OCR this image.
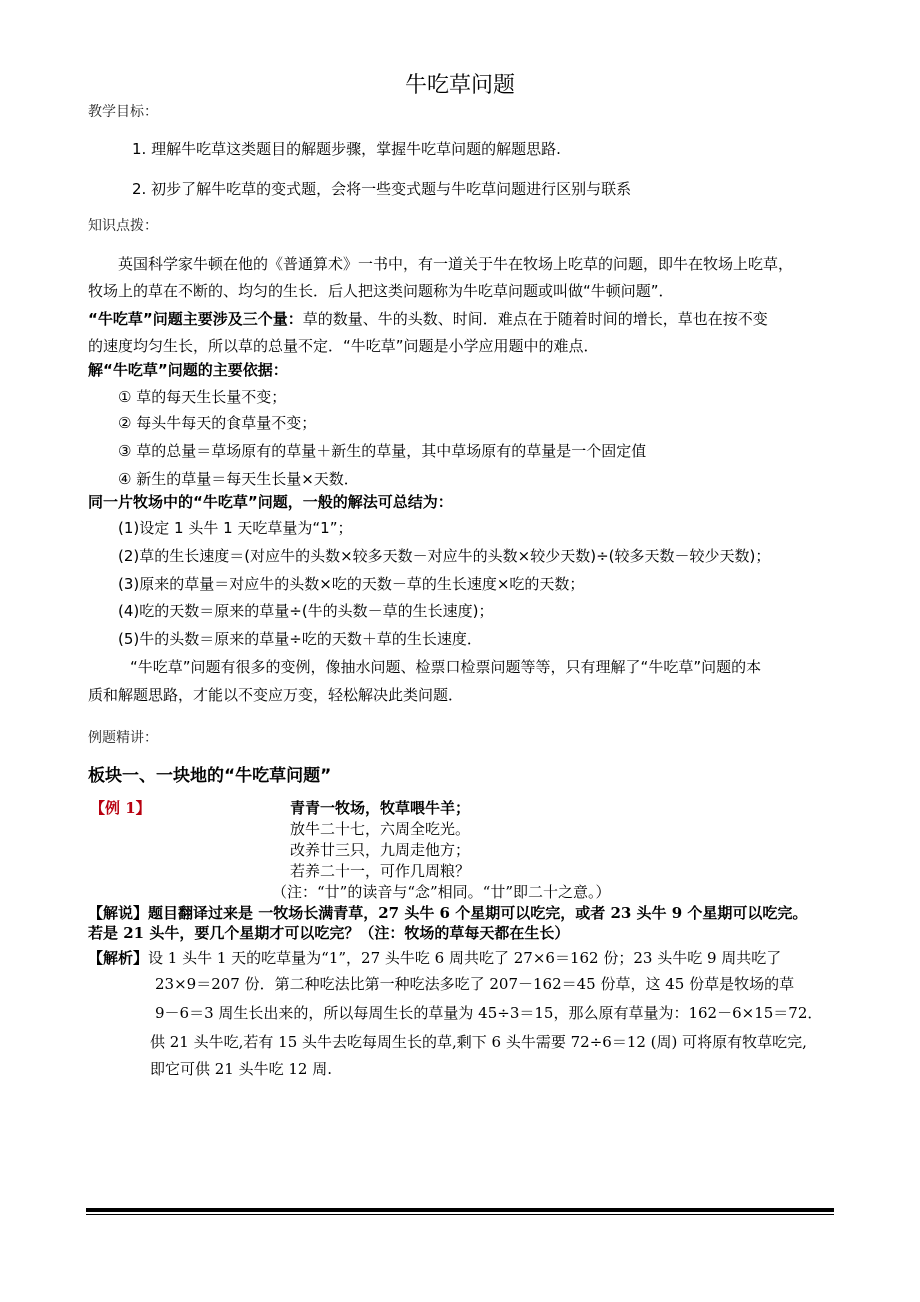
牛吃草问题
教学目标：
1. 理解牛吃草这类题目的解题步骤，掌握牛吃草问题的解题思路.
2. 初步了解牛吃草的变式题，会将一些变式题与牛吃草问题进行区别与联系
知识点拨：
英国科学家牛顿在他的《普通算术》一书中，有一道关于牛在牧场上吃草的问题，即牛在牧场上吃草，
牧场上的草在不断的、均匀的生长．后人把这类问题称为牛吃草问题或叫做“牛顿问题”．
“牛吃草”问题主要涉及三个量：草的数量、牛的头数、时间．难点在于随着时间的增长，草也在按不变
的速度均匀生长，所以草的总量不定．“牛吃草”问题是小学应用题中的难点．
解“牛吃草”问题的主要依据：
① 草的每天生长量不变；
② 每头牛每天的食草量不变；
③ 草的总量＝草场原有的草量＋新生的草量，其中草场原有的草量是一个固定值
④ 新生的草量＝每天生长量×天数．
同一片牧场中的“牛吃草”问题，一般的解法可总结为：
(1)设定 1 头牛 1 天吃草量为“1”；
(2)草的生长速度＝(对应牛的头数×较多天数－对应牛的头数×较少天数)÷(较多天数－较少天数)；
(3)原来的草量＝对应牛的头数×吃的天数－草的生长速度×吃的天数；
(4)吃的天数＝原来的草量÷(牛的头数－草的生长速度)；
(5)牛的头数＝原来的草量÷吃的天数＋草的生长速度．
“牛吃草”问题有很多的变例，像抽水问题、检票口检票问题等等，只有理解了“牛吃草”问题的本
质和解题思路，才能以不变应万变，轻松解决此类问题．
例题精讲：
板块一、一块地的“牛吃草问题”
【例 1】	青青一牧场，牧草喂牛羊；
放牛二十七，六周全吃光。
改养廿三只，九周走他方；
若养二十一，可作几周粮？
（注：“廿”的读音与“念”相同。“廿”即二十之意。）
【解说】题目翻译过来是 一牧场长满青草，27 头牛 6 个星期可以吃完，或者 23 头牛 9 个星期可以吃完。
若是 21 头牛，要几个星期才可以吃完？（注：牧场的草每天都在生长）
【解析】设 1 头牛 1 天的吃草量为“1”，27 头牛吃 6 周共吃了 27×6＝162 份；23 头牛吃 9 周共吃了
23×9＝207 份．第二种吃法比第一种吃法多吃了 207－162＝45 份草，这 45 份草是牧场的草
9－6＝3 周生长出来的，所以每周生长的草量为 45÷3＝15，那么原有草量为：162－6×15＝72．
供 21 头牛吃,若有 15 头牛去吃每周生长的草,剩下 6 头牛需要 72÷6＝12 (周) 可将原有牧草吃完,
即它可供 21 头牛吃 12 周.
